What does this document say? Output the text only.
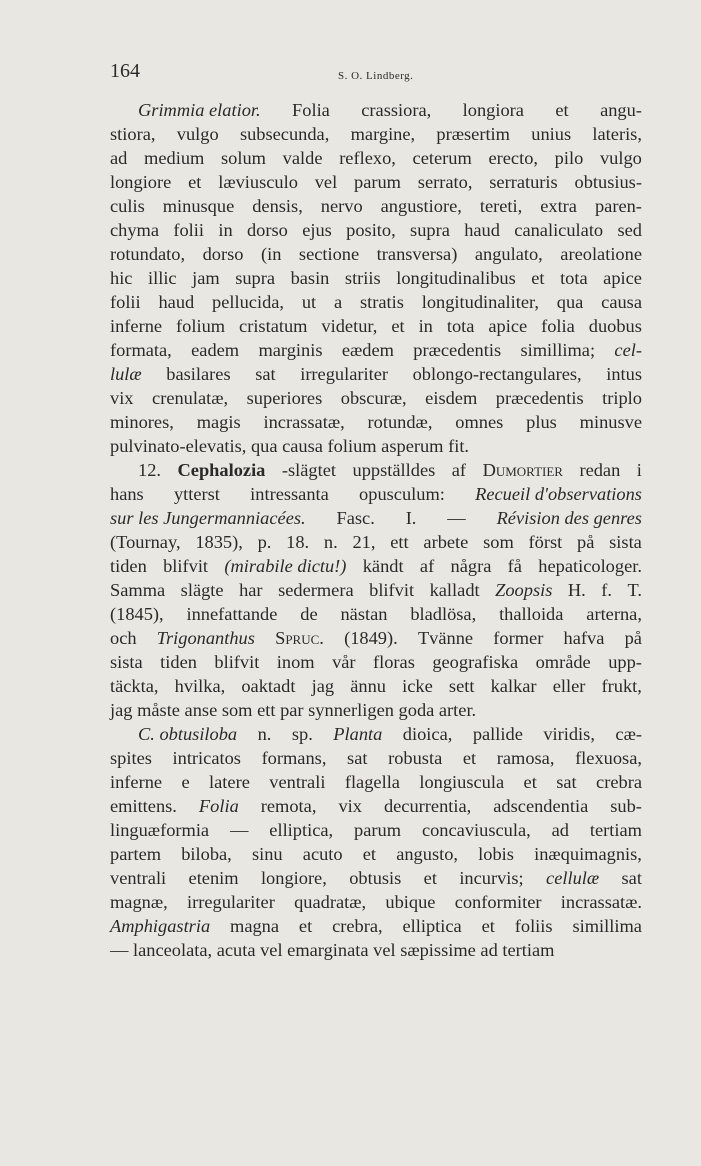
164	S. O. Lindberg.
Grimmia elatior. Folia crassiora, longiora et angu-
stiora, vulgo subsecunda, margine, præsertim unius lateris,
ad medium solum valde reflexo, ceterum erecto, pilo vulgo
longiore et læviusculo vel parum serrato, serraturis obtusius-
culis minusque densis, nervo angustiore, tereti, extra paren-
chyma folii in dorso ejus posito, supra haud canaliculato sed
rotundato, dorso (in sectione transversa) angulato, areolatione
hic illic jam supra basin striis longitudinalibus et tota apice
folii haud pellucida, ut a stratis longitudinaliter, qua causa
inferne folium cristatum videtur, et in tota apice folia duobus
formata, eadem marginis eædem præcedentis simillima; cel-
lulæ basilares sat irregulariter oblongo-rectangulares, intus
vix crenulatæ, superiores obscuræ, eisdem præcedentis triplo
minores, magis incrassatæ, rotundæ, omnes plus minusve
pulvinato-elevatis, qua causa folium asperum fit.
12. Cephalozia -slägtet uppställdes af Dumortier redan i
hans ytterst intressanta opusculum: Recueil d'observations
sur les Jungermanniacées. Fasc. I. — Révision des genres
(Tournay, 1835), p. 18. n. 21, ett arbete som först på sista
tiden blifvit (mirabile dictu!) kändt af några få hepaticologer.
Samma slägte har sedermera blifvit kalladt Zoopsis H. f. T.
(1845), innefattande de nästan bladlösa, thalloida arterna,
och Trigonanthus Spruc. (1849). Tvänne former hafva på
sista tiden blifvit inom vår floras geografiska område upp-
täckta, hvilka, oaktadt jag ännu icke sett kalkar eller frukt,
jag måste anse som ett par synnerligen goda arter.
C. obtusiloba n. sp. Planta dioica, pallide viridis, cæ-
spites intricatos formans, sat robusta et ramosa, flexuosa,
inferne e latere ventrali flagella longiuscula et sat crebra
emittens. Folia remota, vix decurrentia, adscendentia sub-
linguæformia — elliptica, parum concaviuscula, ad tertiam
partem biloba, sinu acuto et angusto, lobis inæquimagnis,
ventrali etenim longiore, obtusis et incurvis; cellulæ sat
magnæ, irregulariter quadratæ, ubique conformiter incrassatæ.
Amphigastria magna et crebra, elliptica et foliis simillima
— lanceolata, acuta vel emarginata vel sæpissime ad tertiam
